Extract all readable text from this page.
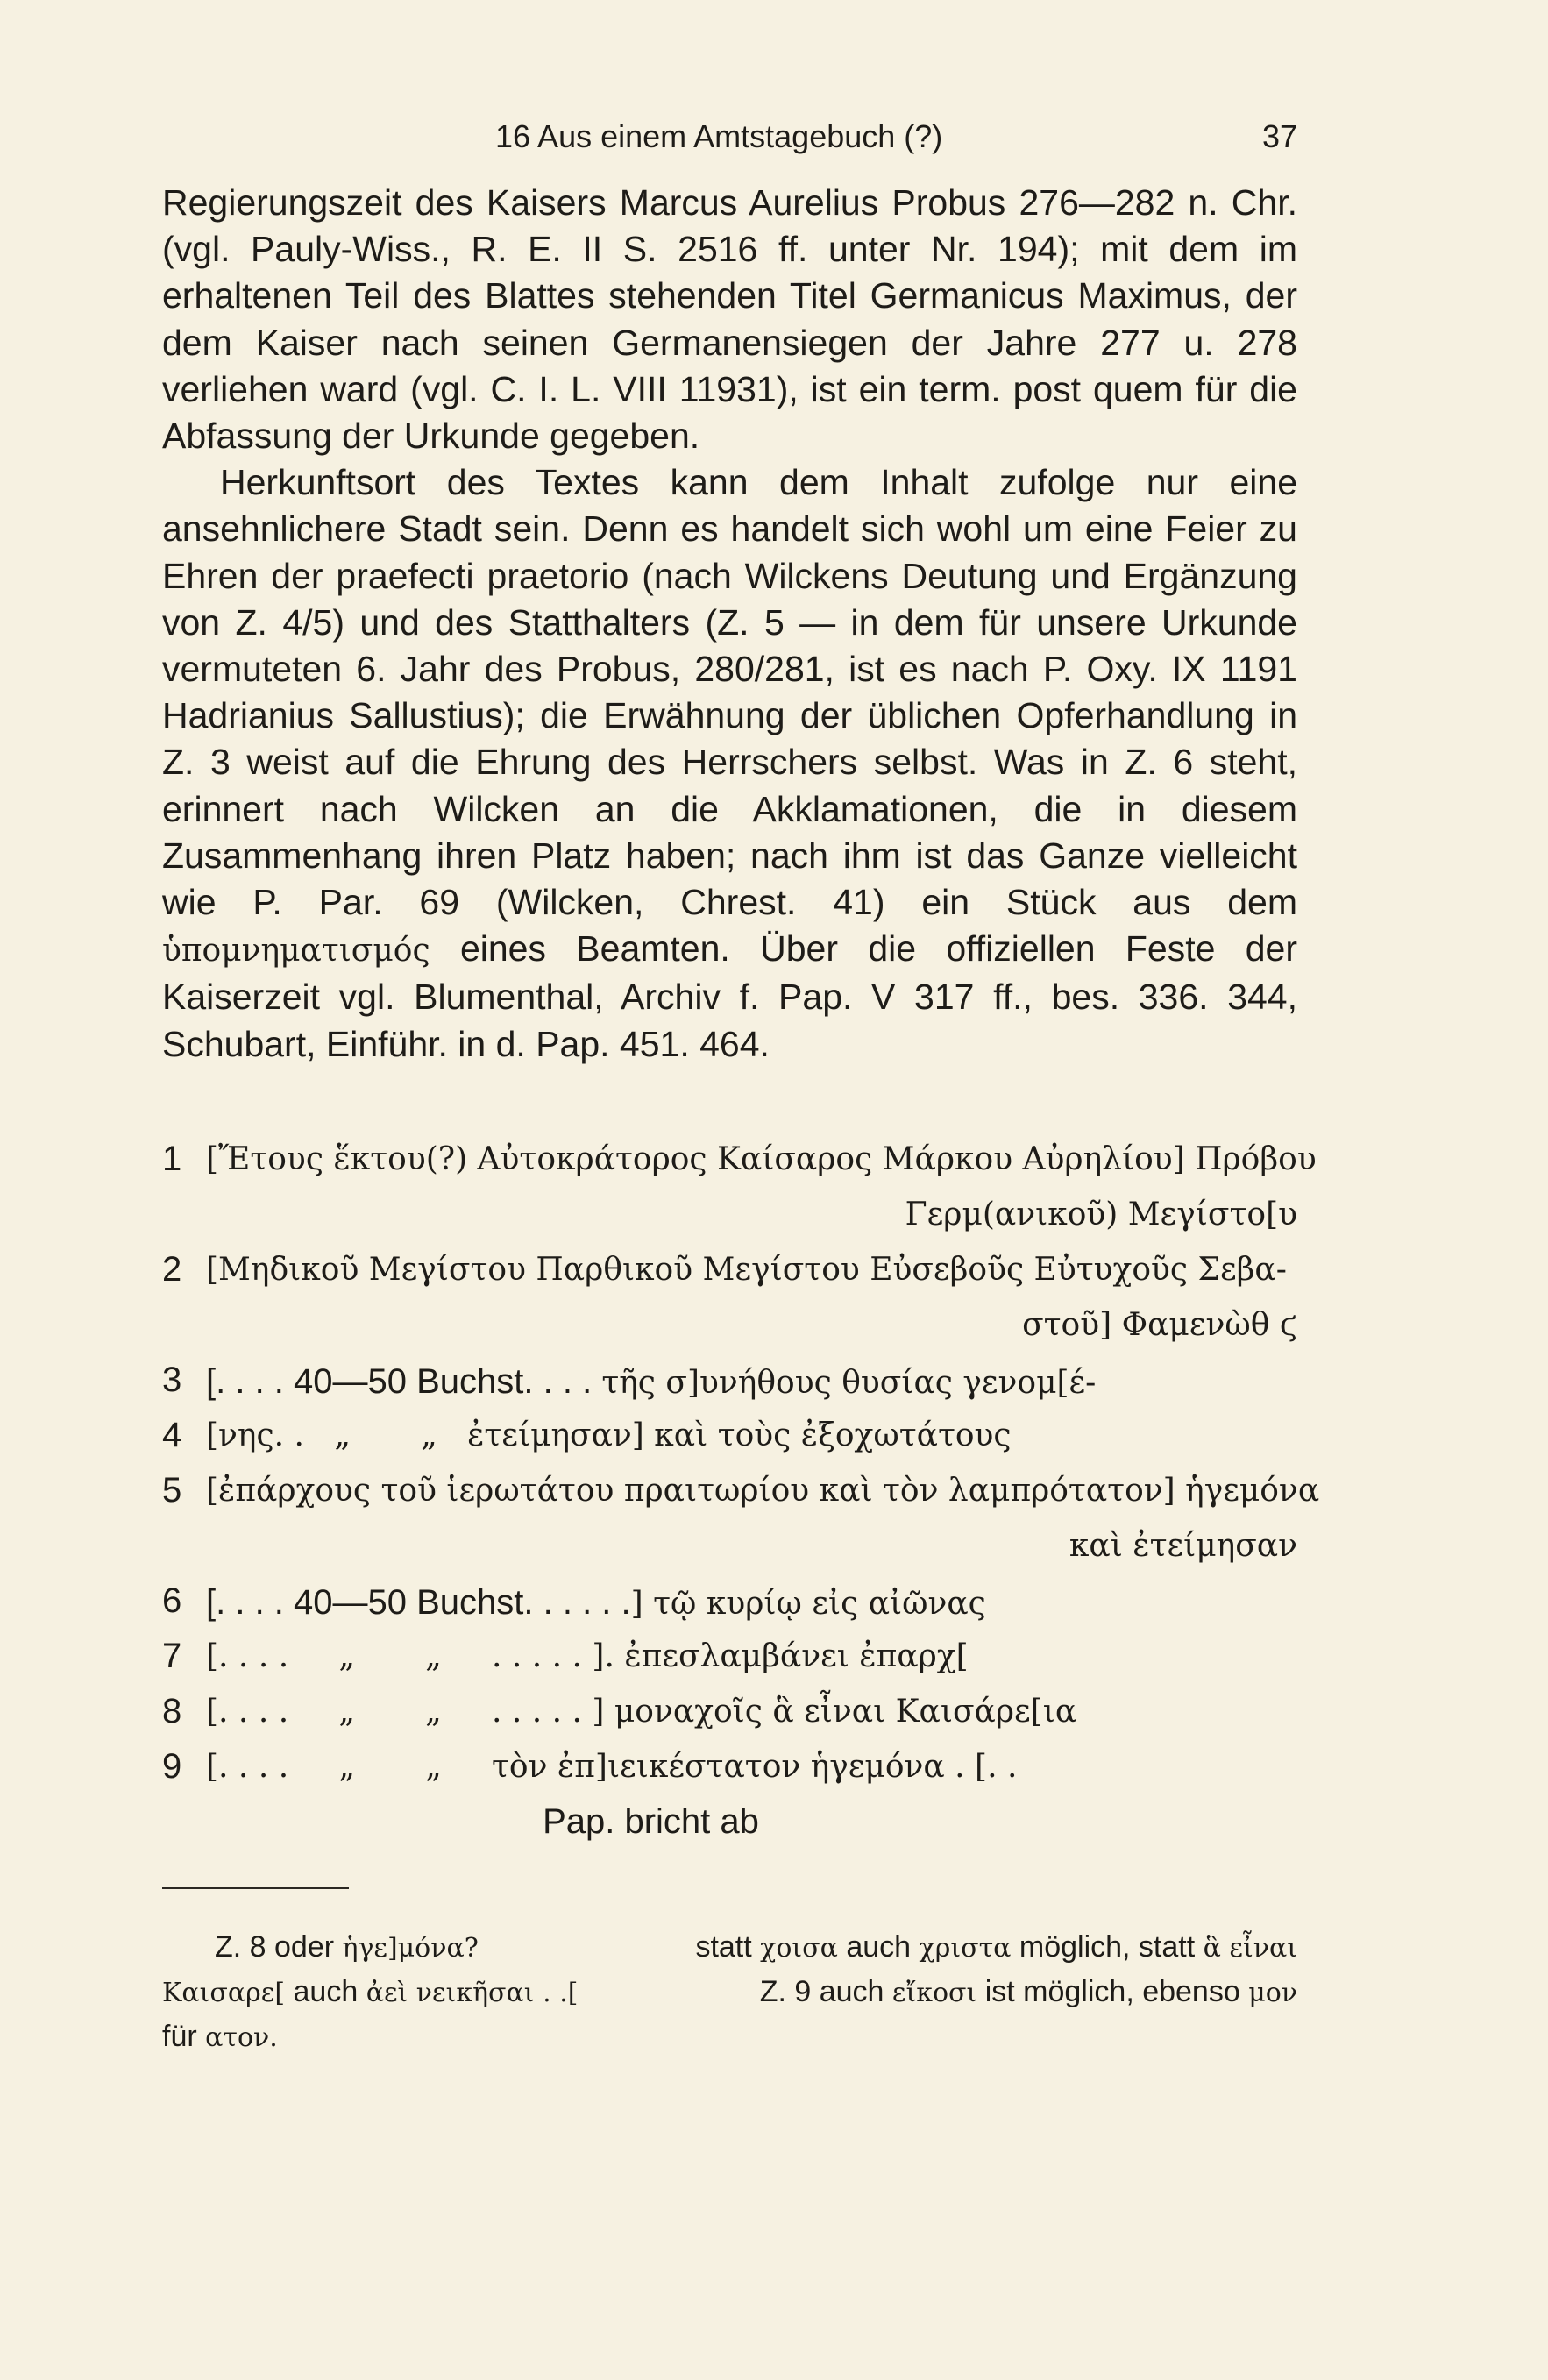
16 Aus einem Amtstagebuch (?)	37

Regierungszeit des Kaisers Marcus Aurelius Probus 276—282 n. Chr. (vgl. Pauly-Wiss., R. E. II S. 2516 ff. unter Nr. 194); mit dem im erhaltenen Teil des Blattes stehenden Titel Germanicus Maximus, der dem Kaiser nach seinen Germanensiegen der Jahre 277 u. 278 verliehen ward (vgl. C. I. L. VIII 11931), ist ein term. post quem für die Abfassung der Urkunde gegeben.

Herkunftsort des Textes kann dem Inhalt zufolge nur eine ansehnlichere Stadt sein. Denn es handelt sich wohl um eine Feier zu Ehren der praefecti praetorio (nach Wilckens Deutung und Ergänzung von Z. 4/5) und des Statthalters (Z. 5 — in dem für unsere Urkunde vermuteten 6. Jahr des Probus, 280/281, ist es nach P. Oxy. IX 1191 Hadrianius Sallustius); die Erwähnung der üblichen Opferhandlung in Z. 3 weist auf die Ehrung des Herrschers selbst. Was in Z. 6 steht, erinnert nach Wilcken an die Akklamationen, die in diesem Zusammenhang ihren Platz haben; nach ihm ist das Ganze vielleicht wie P. Par. 69 (Wilcken, Chrest. 41) ein Stück aus dem ὑπομνηματισμός eines Beamten. Über die offiziellen Feste der Kaiserzeit vgl. Blumenthal, Archiv f. Pap. V 317 ff., bes. 336. 344, Schubart, Einführ. in d. Pap. 451. 464.

1 [Ἔτους ἕκτου(?) Αὐτοκράτορος Καίσαρος Μάρκου Αὐρηλίου] Πρόβου
Γερμ(ανικοῦ) Μεγίστο[υ
2 [Μηδικοῦ Μεγίστου Παρθικοῦ Μεγίστου Εὐσεβοῦς Εὐτυχοῦς Σεβα-
στοῦ] Φαμενὼθ ϛ
3 [. . . . 40—50 Buchst. . . . τῆς σ]υνήθους θυσίας γενομ[έ-
4 [νης. .   „       „   ἐτείμησαν] καὶ τοὺς ἐξοχωτάτους
5 [ἐπάρχους τοῦ ἱερωτάτου πραιτωρίου καὶ τὸν λαμπρότατον] ἡγεμόνα
καὶ ἐτείμησαν
6 [. . . . 40—50 Buchst. . . . . .] τῷ κυρίῳ εἰς αἰῶνας
7 [. . . .     „       „     . . . . . ]. ἐπεσλαμβάνει ἐπαρχ[
8 [. . . .     „       „     . . . . . ] μοναχοῖς ἃ εἶναι Καισάρε[ια
9 [. . . .     „       „     τὸν ἐπ]ιεικέστατον ἡγεμόνα . [. .
Pap. bricht ab
Z. 8 oder ἡγε]μόνα?	statt χοισα auch χριστα möglich, statt ἃ εἶναι
Καισαρε[ auch ἀεὶ νεικῆσαι . .[	Z. 9 auch εἴκοσι ist möglich, ebenso μον
für ατον.
